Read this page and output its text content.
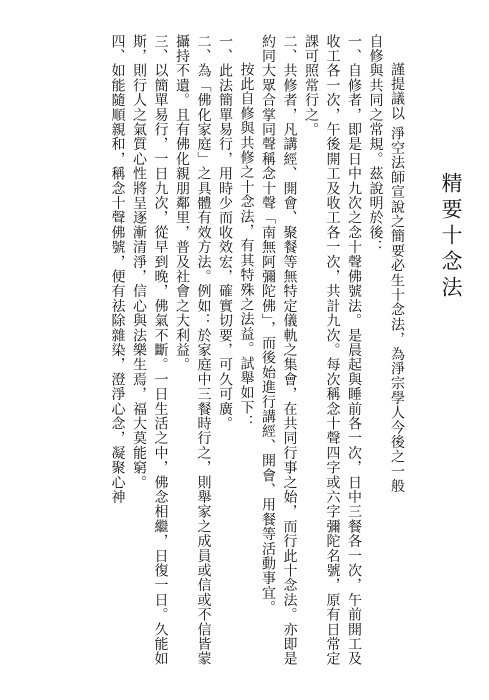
精要十念法

謹提議以 淨空法師宣說之簡要必生十念法，為淨宗學人今後之一般

自修與共同之常規。茲說明於後：

一、自修者，即是日中九次之念十聲佛號法。是晨起與睡前各一次，日中三餐各一次，午前開工及收工各一次，午後開工及收工各一次，共計九次。每次稱念十聲四字或六字彌陀名號，原有日常定課可照常行之。

二、共修者，凡講經、開會、聚餐等無特定儀軌之集會，在共同行事之始，而行此十念法。亦即是約同大眾合掌同聲稱念十聲「南無阿彌陀佛」，而後始進行講經、開會、用餐等活動事宜。

按此自修與共修之十念法，有其特殊之法益。試舉如下：

一、此法簡單易行，用時少而收效宏，確實切要，可久可廣。

二、為「佛化家庭」之具體有效方法。例如：於家庭中三餐時行之，則舉家之成員或信或不信皆蒙攝持不遺。且有佛化親朋鄰里，普及社會之大利益。

三、以簡單易行，一日九次，從早到晚，佛氣不斷。一日生活之中，佛念相繼，日復一日。久能如斯，則行人之氣質心性將呈逐漸清淨，信心與法樂生焉，福大莫能窮。

四、如能隨順親和，稱念十聲佛號，便有祛除雜染，澄淨心念，凝聚心神
